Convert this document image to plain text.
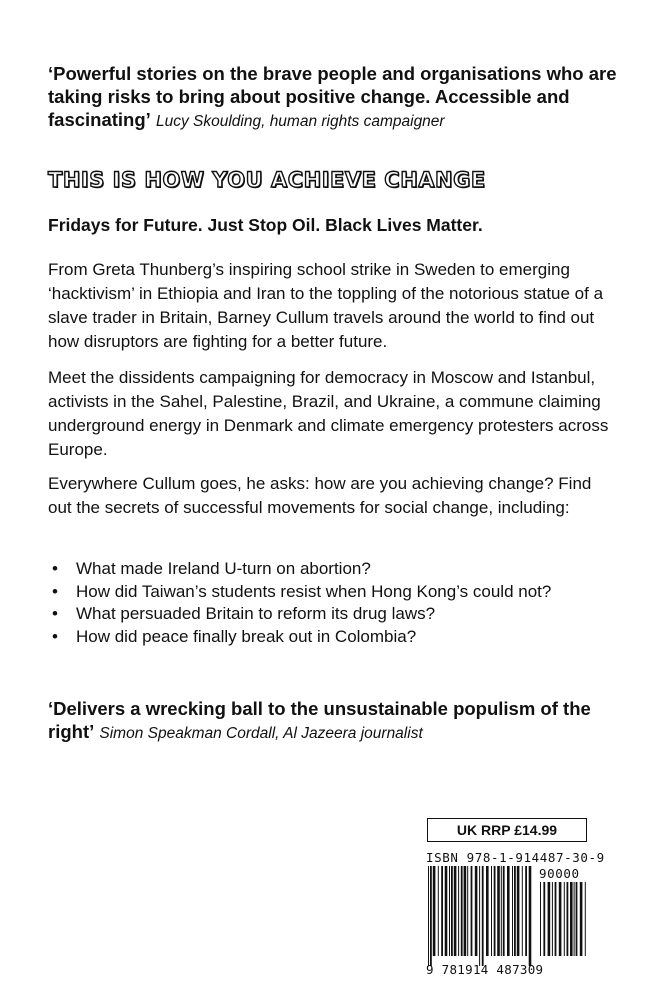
‘Powerful stories on the brave people and organisations who are taking risks to bring about positive change. Accessible and fascinating’ Lucy Skoulding, human rights campaigner
THIS IS HOW YOU ACHIEVE CHANGE
Fridays for Future. Just Stop Oil. Black Lives Matter.
From Greta Thunberg’s inspiring school strike in Sweden to emerging ‘hacktivism’ in Ethiopia and Iran to the toppling of the notorious statue of a slave trader in Britain, Barney Cullum travels around the world to find out how disruptors are fighting for a better future.
Meet the dissidents campaigning for democracy in Moscow and Istanbul, activists in the Sahel, Palestine, Brazil, and Ukraine, a commune claiming underground energy in Denmark and climate emergency protesters across Europe.
Everywhere Cullum goes, he asks: how are you achieving change? Find out the secrets of successful movements for social change, including:
• What made Ireland U-turn on abortion?
• How did Taiwan’s students resist when Hong Kong’s could not?
• What persuaded Britain to reform its drug laws?
• How did peace finally break out in Colombia?
‘Delivers a wrecking ball to the unsustainable populism of the right’ Simon Speakman Cordall, Al Jazeera journalist
UK RRP £14.99
ISBN 978-1-914487-30-9
90000
9 781914 487309
